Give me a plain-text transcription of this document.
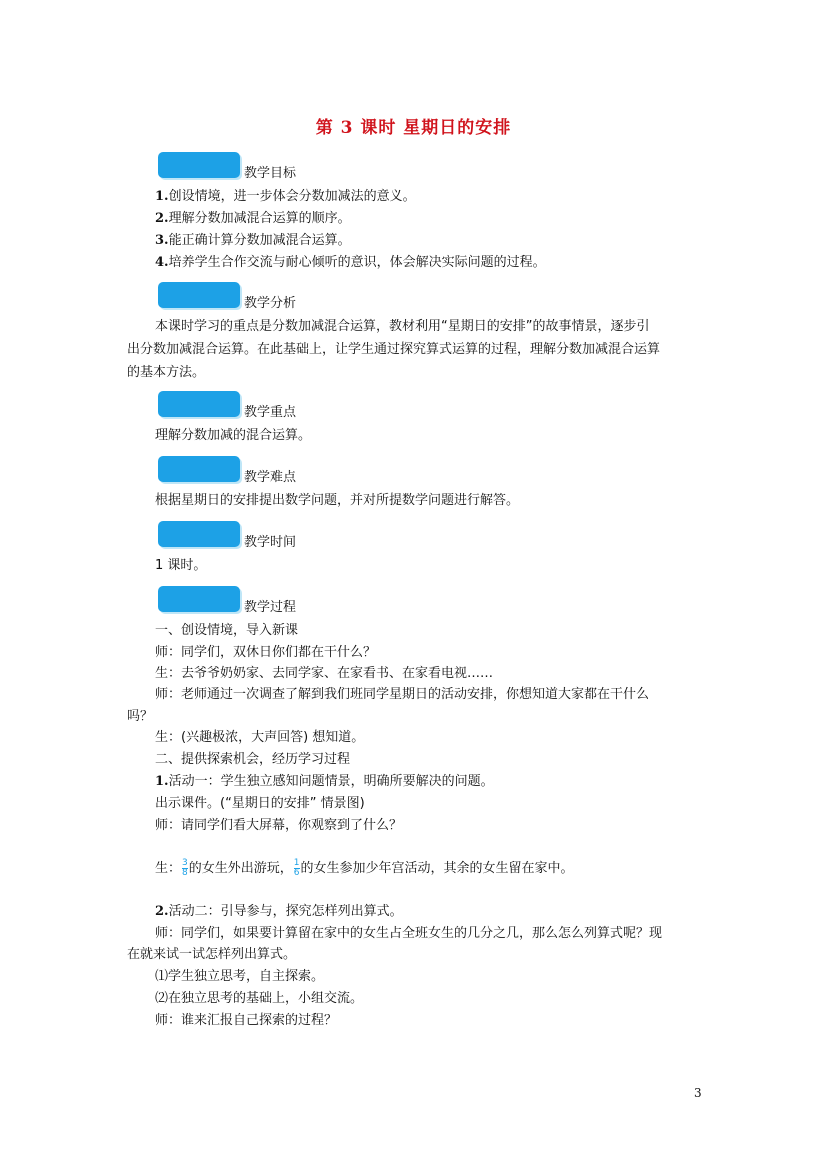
第 3 课时 星期日的安排
教学目标
1.创设情境，进一步体会分数加减法的意义。
2.理解分数加减混合运算的顺序。
3.能正确计算分数加减混合运算。
4.培养学生合作交流与耐心倾听的意识，体会解决实际问题的过程。
教学分析
本课时学习的重点是分数加减混合运算，教材利用“星期日的安排”的故事情景，逐步引
出分数加减混合运算。在此基础上，让学生通过探究算式运算的过程，理解分数加减混合运算
的基本方法。
教学重点
理解分数加减的混合运算。
教学难点
根据星期日的安排提出数学问题，并对所提数学问题进行解答。
教学时间
1 课时。
教学过程
一、创设情境，导入新课
师：同学们，双休日你们都在干什么？
生：去爷爷奶奶家、去同学家、在家看书、在家看电视……
师：老师通过一次调查了解到我们班同学星期日的活动安排，你想知道大家都在干什么
吗？
生：(兴趣极浓，大声回答) 想知道。
二、提供探索机会，经历学习过程
1.活动一：学生独立感知问题情景，明确所要解决的问题。
出示课件。(“星期日的安排” 情景图)
师：请同学们看大屏幕，你观察到了什么？
生： $\frac{3}{8}$ 的女生外出游玩， $\frac{1}{6}$ 的女生参加少年宫活动，其余的女生留在家中。
2.活动二：引导参与，探究怎样列出算式。
师：同学们，如果要计算留在家中的女生占全班女生的几分之几，那么怎么列算式呢？现
在就来试一试怎样列出算式。
⑴学生独立思考，自主探索。
⑵在独立思考的基础上，小组交流。
师：谁来汇报自己探索的过程？
3
